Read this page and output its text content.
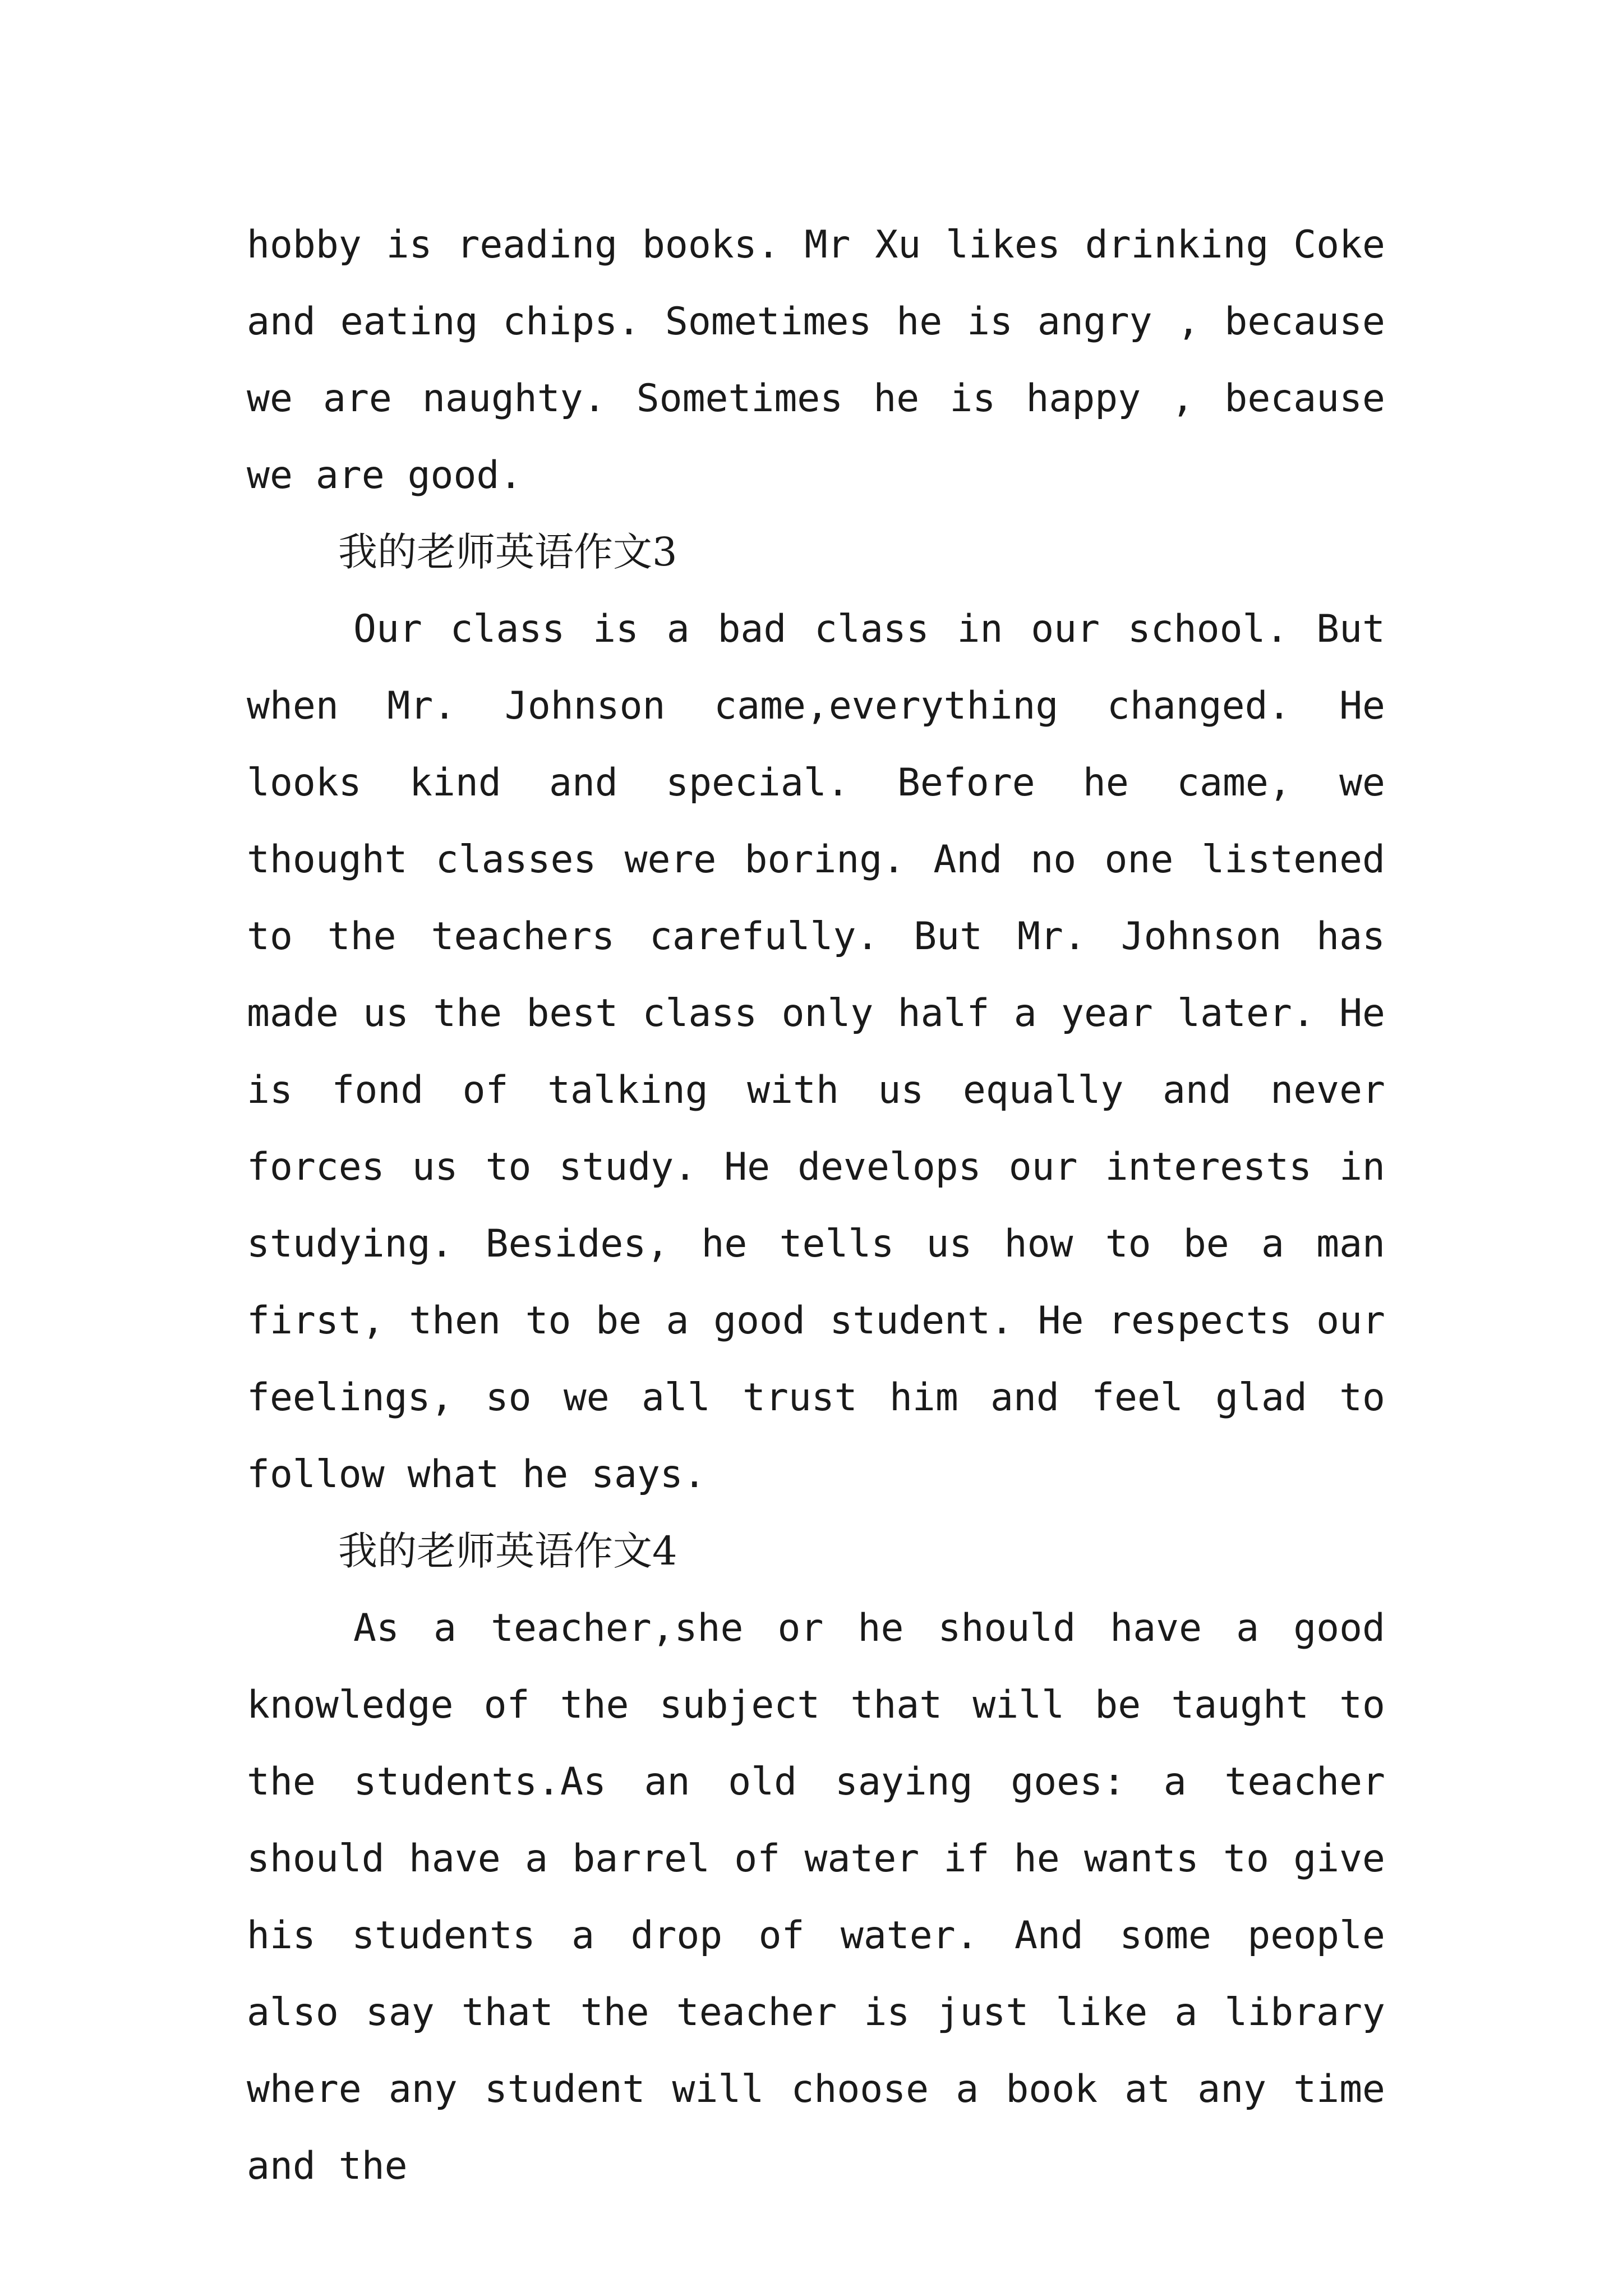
hobby is reading books. Mr Xu likes drinking Coke and eating chips. Sometimes he is angry , because we are naughty. Sometimes he is happy , because we are good.

我的老师英语作文3

Our class is a bad class in our school. But when Mr. Johnson came,everything changed. He looks kind and special. Before he came, we thought classes were boring. And no one listened to the teachers carefully. But Mr. Johnson has made us the best class only half a year later. He is fond of talking with us equally and never forces us to study. He develops our interests in studying. Besides, he tells us how to be a man first, then to be a good student. He respects our feelings, so we all trust him and feel glad to follow what he says.

我的老师英语作文4

As a teacher,she or he should have a good knowledge of the subject that will be taught to the students.As an old saying goes: a teacher should have a barrel of water if he wants to give his students a drop of water. And some people also say that the teacher is just like a library where any student will choose a book at any time and the
